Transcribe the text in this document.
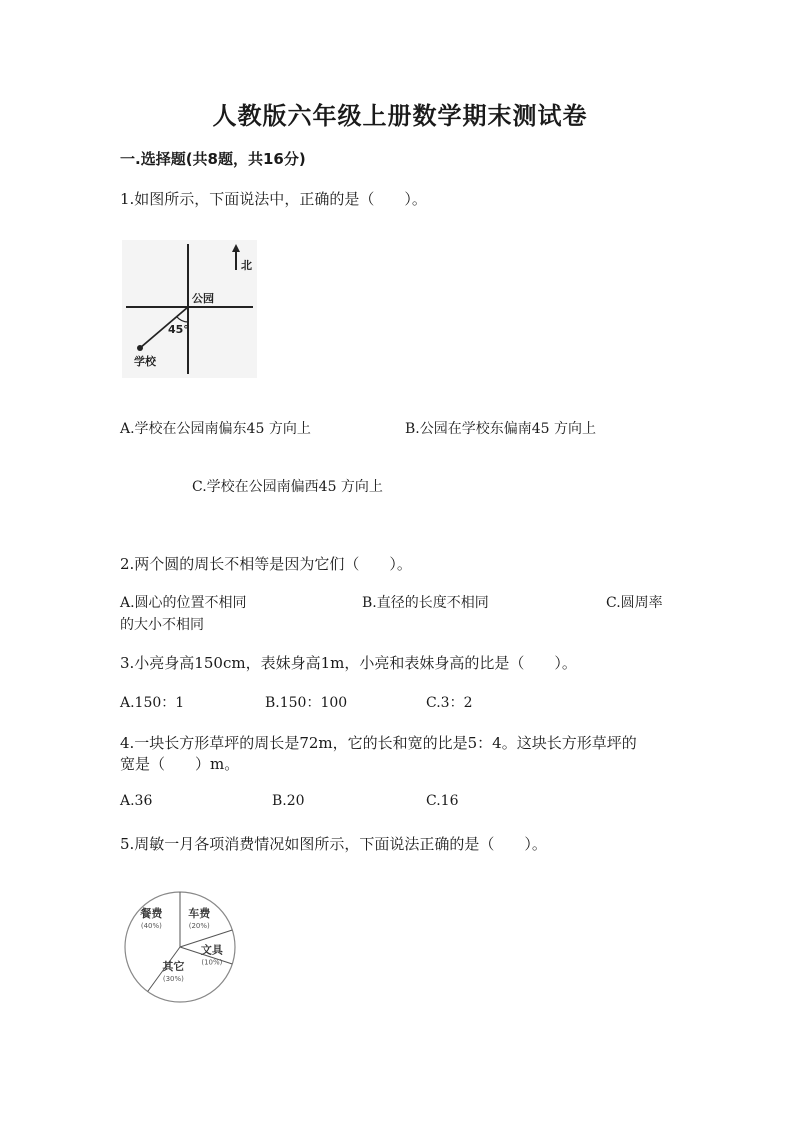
人教版六年级上册数学期末测试卷
一.选择题(共8题，共16分)
1.如图所示，下面说法中，正确的是（　　）。
北
公园
45°
学校
A.学校在公园南偏东45 方向上	B.公园在学校东偏南45 方向上
C.学校在公园南偏西45 方向上
2.两个圆的周长不相等是因为它们（　　）。
A.圆心的位置不相同	B.直径的长度不相同	C.圆周率
的大小不相同
3.小亮身高150cm，表妹身高1m，小亮和表妹身高的比是（　　）。
A.150：1	B.150：100	C.3：2
4.一块长方形草坪的周长是72m，它的长和宽的比是5：4。这块长方形草坪的
宽是（　　）m。
A.36	B.20	C.16
5.周敏一月各项消费情况如图所示，下面说法正确的是（　　）。
餐费
(40%)
车费
(20%)
文具
(10%)
其它
(30%)
